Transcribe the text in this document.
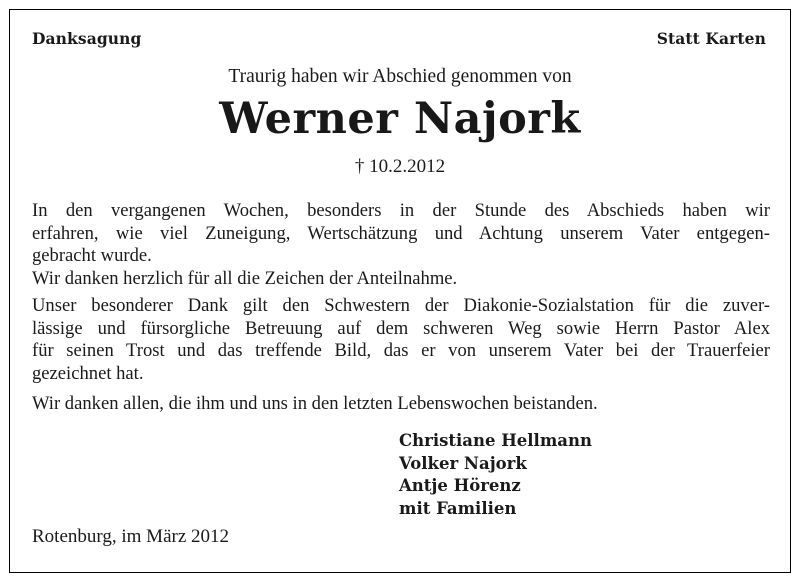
Danksagung	Statt Karten
Traurig haben wir Abschied genommen von
Werner Najork
† 10.2.2012
In den vergangenen Wochen, besonders in der Stunde des Abschieds haben wir
erfahren, wie viel Zuneigung, Wertschätzung und Achtung unserem Vater entgegen-
gebracht wurde.
Wir danken herzlich für all die Zeichen der Anteilnahme.
Unser besonderer Dank gilt den Schwestern der Diakonie-Sozialstation für die zuver-
lässige und fürsorgliche Betreuung auf dem schweren Weg sowie Herrn Pastor Alex
für seinen Trost und das treffende Bild, das er von unserem Vater bei der Trauerfeier
gezeichnet hat.
Wir danken allen, die ihm und uns in den letzten Lebenswochen beistanden.
Christiane Hellmann
Volker Najork
Antje Hörenz
mit Familien
Rotenburg, im März 2012
